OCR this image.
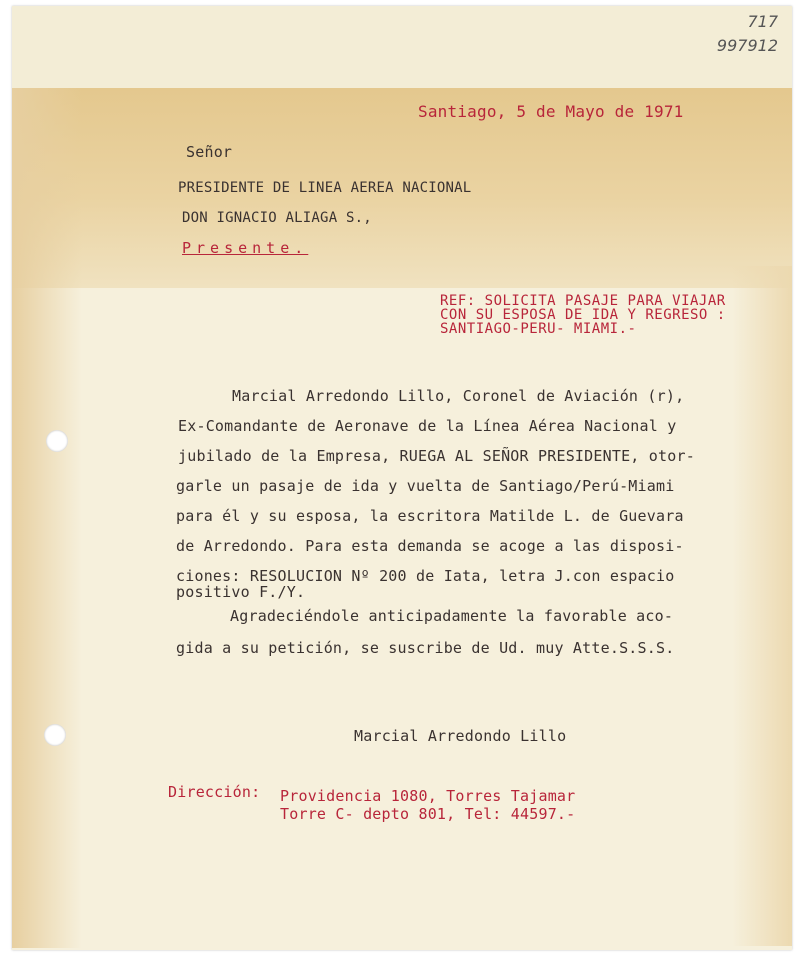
717
997912
Santiago, 5 de Mayo de 1971
Señor
PRESIDENTE DE LINEA AEREA NACIONAL
DON IGNACIO ALIAGA S.,
Presente.
REF: SOLICITA PASAJE PARA VIAJAR
CON SU ESPOSA DE IDA Y REGRESO :
SANTIAGO-PERU- MIAMI.-
Marcial Arredondo Lillo, Coronel de Aviación (r),
Ex-Comandante de Aeronave de la Línea Aérea Nacional y
jubilado de la Empresa, RUEGA AL SEÑOR PRESIDENTE, otor-
garle un pasaje de ida y vuelta de Santiago/Perú-Miami
para él y su esposa, la escritora Matilde L. de Guevara
de Arredondo. Para esta demanda se acoge a las disposi-
ciones: RESOLUCION Nº 200 de Iata, letra J.con espacio
positivo F./Y.
Agradeciéndole anticipadamente la favorable aco-
gida a su petición, se suscribe de Ud. muy Atte.S.S.S.
Marcial Arredondo Lillo
Dirección: Providencia 1080, Torres Tajamar
Torre C- depto 801, Tel: 44597.-
